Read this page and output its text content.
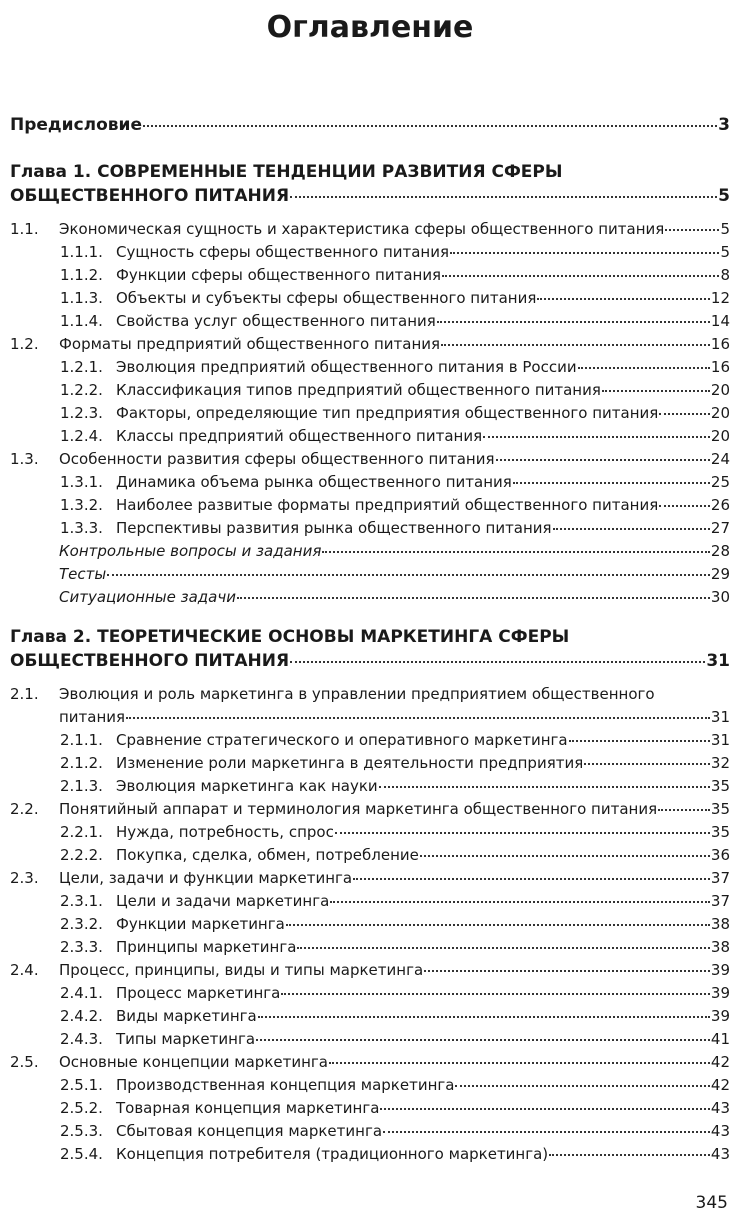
Оглавление
Предисловие	3
Глава 1. СОВРЕМЕННЫЕ ТЕНДЕНЦИИ РАЗВИТИЯ СФЕРЫ
ОБЩЕСТВЕННОГО ПИТАНИЯ	5
1.1.	Экономическая сущность и характеристика сферы общественного питания	5
1.1.1. Сущность сферы общественного питания	5
1.1.2. Функции сферы общественного питания	8
1.1.3. Объекты и субъекты сферы общественного питания	12
1.1.4. Свойства услуг общественного питания	14
1.2.	Форматы предприятий общественного питания	16
1.2.1. Эволюция предприятий общественного питания в России	16
1.2.2. Классификация типов предприятий общественного питания	20
1.2.3. Факторы, определяющие тип предприятия общественного питания	20
1.2.4. Классы предприятий общественного питания	20
1.3.	Особенности развития сферы общественного питания	24
1.3.1. Динамика объема рынка общественного питания	25
1.3.2. Наиболее развитые форматы предприятий общественного питания	26
1.3.3. Перспективы развития рынка общественного питания	27
Контрольные вопросы и задания	28
Тесты	29
Ситуационные задачи	30
Глава 2. ТЕОРЕТИЧЕСКИЕ ОСНОВЫ МАРКЕТИНГА СФЕРЫ
ОБЩЕСТВЕННОГО ПИТАНИЯ	31
2.1.	Эволюция и роль маркетинга в управлении предприятием общественного
питания	31
2.1.1. Сравнение стратегического и оперативного маркетинга	31
2.1.2. Изменение роли маркетинга в деятельности предприятия	32
2.1.3. Эволюция маркетинга как науки	35
2.2.	Понятийный аппарат и терминология маркетинга общественного питания	35
2.2.1. Нужда, потребность, спрос	35
2.2.2. Покупка, сделка, обмен, потребление	36
2.3.	Цели, задачи и функции маркетинга	37
2.3.1. Цели и задачи маркетинга	37
2.3.2. Функции маркетинга	38
2.3.3. Принципы маркетинга	38
2.4.	Процесс, принципы, виды и типы маркетинга	39
2.4.1. Процесс маркетинга	39
2.4.2. Виды маркетинга	39
2.4.3. Типы маркетинга	41
2.5.	Основные концепции маркетинга	42
2.5.1. Производственная концепция маркетинга	42
2.5.2. Товарная концепция маркетинга	43
2.5.3. Сбытовая концепция маркетинга	43
2.5.4. Концепция потребителя (традиционного маркетинга)	43
345
